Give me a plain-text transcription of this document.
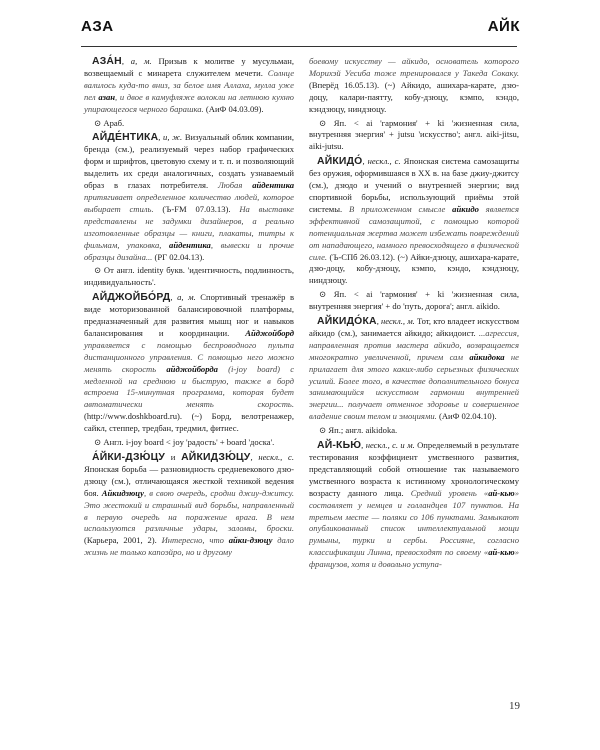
АЗА	АЙК

АЗА́Н, а, м. Призыв к молитве у мусульман, возвещаемый с минарета служителем мечети. Солнце валилось куда-то вниз, за белое имя Аллаха, мулла уже пел азан, и двое в камуфляже волокли на летнюю кухню упирающегося черного барашка. (АиФ 04.03.09).

⊙ Араб.

АЙДЕ́НТИКА, и, ж. Визуальный облик компании, бренда (см.), реализуемый через набор графических форм и шрифтов, цветовую схему и т. п. и позволяющий выделить их среди аналогичных, создать узнаваемый образ в глазах потребителя. Любая айдентика притягивает определенное количество людей, которое выбирает стиль. (Ъ-FM 07.03.13). На выставке представлены не задумки дизайнеров, а реально изготовленные образцы — книги, плакаты, титры к фильмам, упаковка, айдентика, вывески и прочие образцы дизайна... (РГ 02.04.13).

⊙ От англ. identity букв. 'идентичность, подлинность, индивидуальность'.

АЙДЖОЙБО́РД, а, м. Спортивный тренажёр в виде моторизованной балансировочной платформы, предназначенный для развития мышц ног и навыков балансирования и координации. Айджойборд управляется с помощью беспроводного пульта дистанционного управления. С помощью него можно менять скорость айджойборда (i-joy board) с медленной на среднюю и быструю, также в борд встроена 15-минутная программа, которая будет автоматически менять скорость. (http://www.doshkboard.ru). (~) Борд, велотренажер, сайкл, степпер, тредбан, тредмил, фитнес.

⊙ Англ. i-joy board < joy 'радость' + board 'доска'.

А́ЙКИ-ДЗЮ́ЦУ и АЙКИДЗЮ́ЦУ, нескл., с. Японская борьба — разновидность средневекового дзю-дзюцу (см.), отличающаяся жесткой техникой ведения боя. Айкидзюцу, в свою очередь, сродни джиу-джитсу. Это жестокий и страшный вид борьбы, направленный в первую очередь на поражение врага. В нем используются различные удары, заломы, броски. (Карьера, 2001, 2). Интересно, что айки-дзюцу дало жизнь не только капоэйро, но и другому

боевому искусству — айкидо, основатель которого Морихэй Уесиба тоже тренировался у Такеда Сокаку. (Вперёд 16.05.13). (~) Айкидо, ашихара-карате, дзю-доцу, калари-паятту, кобу-дзюцу, кэмпо, кэндо, кэндзюцу, ниндзюцу.

⊙ Яп. < ai 'гармония' + ki 'жизненная сила, внутренняя энергия' + jutsu 'искусство'; англ. aiki-jitsu, aiki-jutsu.

АЙКИДО́, нескл., с. Японская система самозащиты без оружия, оформившаяся в ХХ в. на базе джиу-джитсу (см.), дзюдо и учений о внутренней энергии; вид спортивной борьбы, использующий приёмы этой системы. В приложенном смысле айкидо является эффективной самозащитой, с помощью которой потенциальная жертва может избежать повреждений от нападающего, намного превосходящего в физической силе. (Ъ-СПб 26.03.12). (~) Айки-дзюцу, ашихара-карате, дзю-доцу, кобу-дзюцу, кэмпо, кэндо, кэндзюцу, ниндзюцу.

⊙ Яп. < ai 'гармония' + ki 'жизненная сила, внутренняя энергия' + do 'путь, дорога'; англ. aikido.

АЙКИДО́КА, нескл., м. Тот, кто владеет искусством айкидо (см.), занимается айкидо; айкидоист. ...агрессия, направленная против мастера айкидо, возвращается многократно увеличенной, причем сам айкидока не прилагает для этого каких-либо серьезных физических усилий. Более того, в качестве дополнительного бонуса занимающийся искусством гармонии внутренней энергии... получает отменное здоровье и совершенное владение своим телом и эмоциями. (АиФ 02.04.10).

⊙ Яп.; англ. aikidoka.

АЙ-КЬЮ́, нескл., с. и м. Определяемый в результате тестирования коэффициент умственного развития, представляющий собой отношение так называемого умственного возраста к истинному хронологическому возрасту данного лица. Средний уровень «ай-кью» составляет у немцев и голландцев 107 пунктов. На третьем месте — поляки со 106 пунктами. Замыкают опубликованный список интеллектуальной мощи румыны, турки и сербы. Россияне, согласно классификации Линна, превосходят по своему «ай-кью» французов, хотя и довольно уступа-

19
